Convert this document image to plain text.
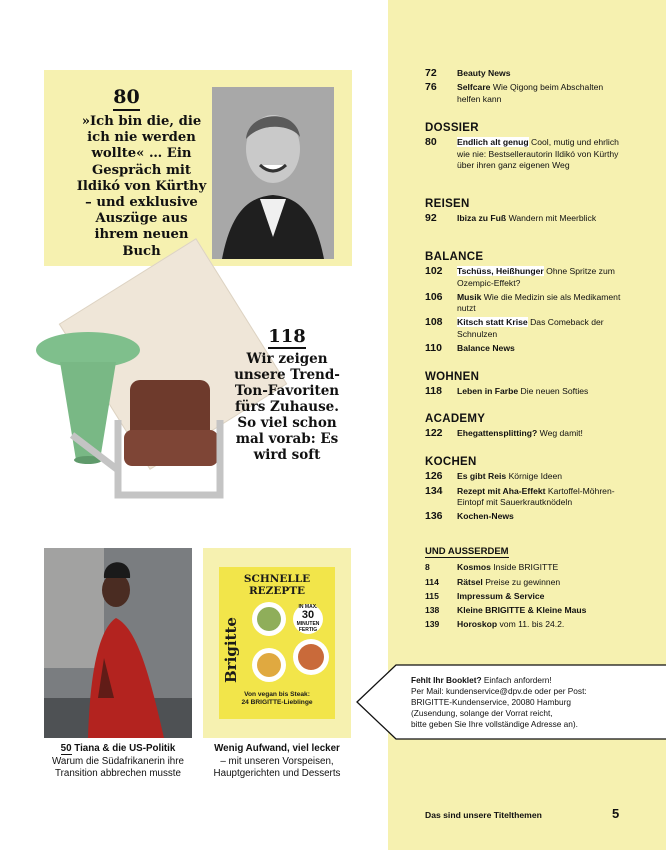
80
»Ich bin die, die ich nie werden wollte« … Ein Gespräch mit Ildikó von Kürthy – und exklusive Auszüge aus ihrem neuen Buch
118
Wir zeigen unsere Trend-Ton-Favoriten fürs Zuhause. So viel schon mal vorab: Es wird soft
50 Tiana & die US-Politik
Warum die Südafrikanerin ihre
Transition abbrechen musste
SCHNELLE
REZEPTE
Brigitte
IN MAX.
30
MINUTEN FERTIG
Von vegan bis Steak:
24 BRIGITTE-Lieblinge
Wenig Aufwand, viel lecker
– mit unseren Vorspeisen,
Hauptgerichten und Desserts
72	Beauty News
76	Selfcare Wie Qigong beim Abschalten helfen kann
DOSSIER
80	Endlich alt genug Cool, mutig und ehrlich wie nie: Bestsellerautorin Ildikó von Kürthy über ihren ganz eigenen Weg
REISEN
92	Ibiza zu Fuß Wandern mit Meerblick
BALANCE
102	Tschüss, Heißhunger Ohne Spritze zum Ozempic-Effekt?
106	Musik Wie die Medizin sie als Medikament nutzt
108	Kitsch statt Krise Das Comeback der Schnulzen
110	Balance News
WOHNEN
118	Leben in Farbe Die neuen Softies
ACADEMY
122	Ehegattensplitting? Weg damit!
KOCHEN
126	Es gibt Reis Körnige Ideen
134	Rezept mit Aha-Effekt Kartoffel-Möhren-Eintopf mit Sauerkrautknödeln
136	Kochen-News
UND AUSSERDEM
8	Kosmos Inside BRIGITTE
114	Rätsel Preise zu gewinnen
115	Impressum & Service
138	Kleine BRIGITTE & Kleine Maus
139	Horoskop vom 11. bis 24.2.
Fehlt Ihr Booklet? Einfach anfordern!
Per Mail: kundenservice@dpv.de oder per Post:
BRIGITTE-Kundenservice, 20080 Hamburg
(Zusendung, solange der Vorrat reicht,
bitte geben Sie Ihre vollständige Adresse an).
Das sind unsere Titelthemen	5
